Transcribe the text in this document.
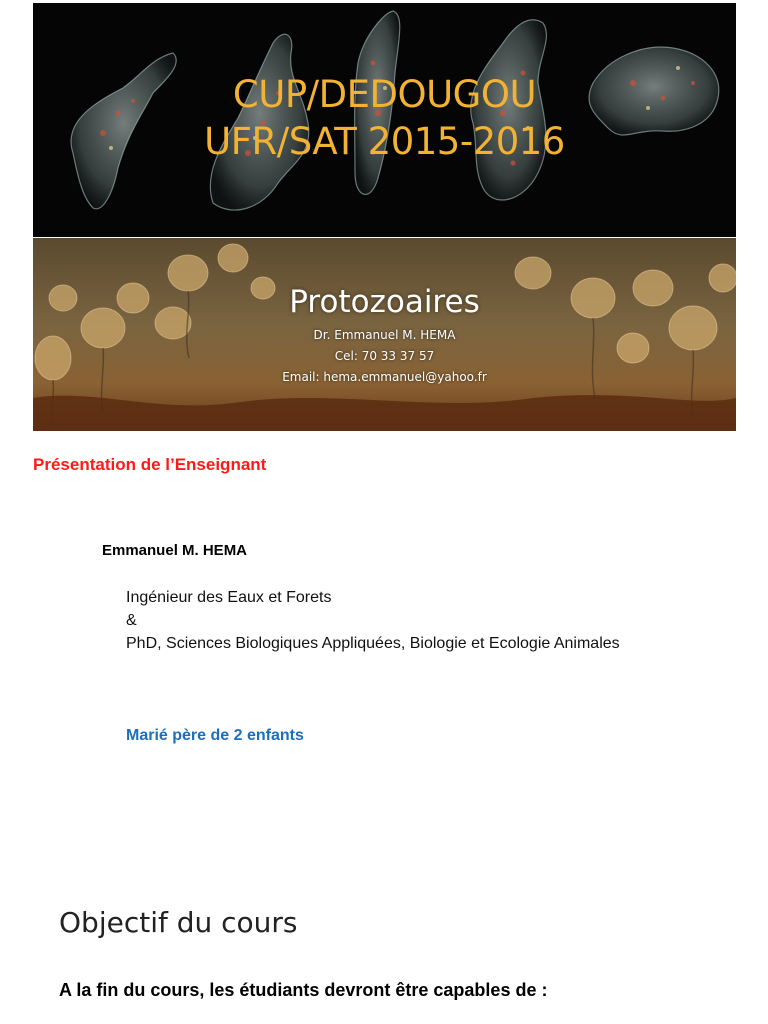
CUP/DEDOUGOU
UFR/SAT 2015-2016
Protozoaires
Dr. Emmanuel M. HEMA
Cel: 70 33 37 57
Email: hema.emmanuel@yahoo.fr
Présentation de l’Enseignant
Emmanuel M. HEMA
Ingénieur des Eaux et Forets
&
PhD, Sciences Biologiques Appliquées, Biologie et Ecologie Animales
Marié père de 2 enfants
Objectif du cours
A la fin du cours, les étudiants devront être capables de :
